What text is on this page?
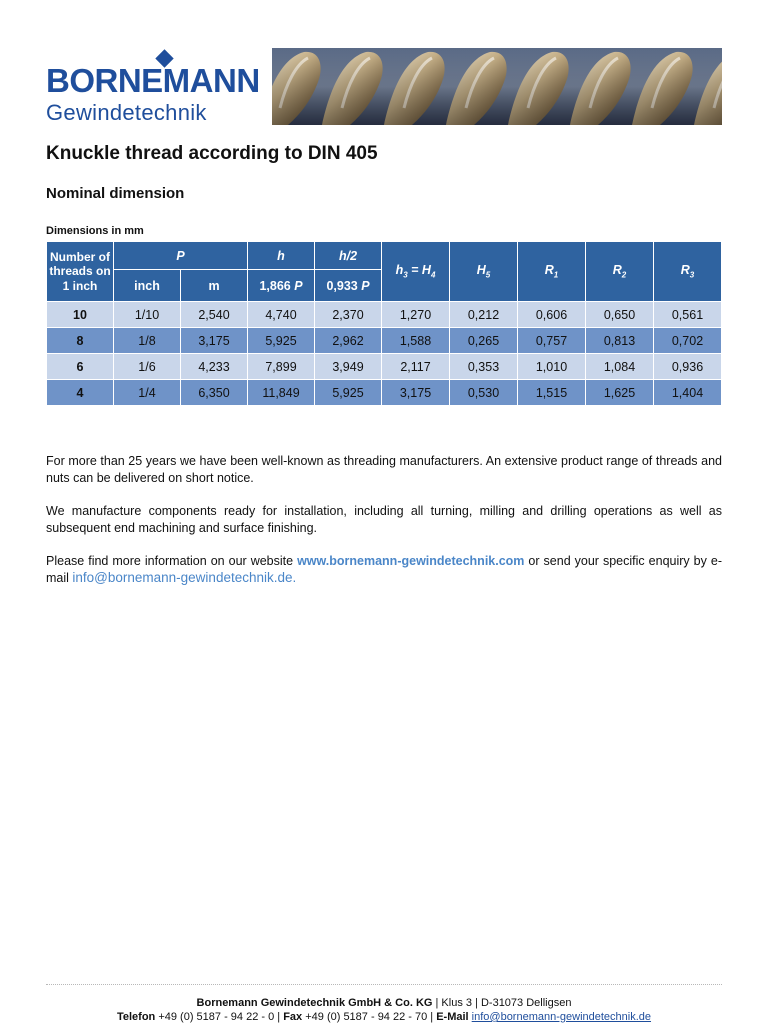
BORNEMANN
Gewindetechnik
Knuckle thread according to DIN 405
Nominal dimension
Dimensions in mm
Number of threads on 1 inch	P		h	h/2	$h_3 = H_4$	$H_5$	$R_1$	$R_2$	$R_3$
	inch	m	1,866 P	0,933 P					
10	1/10	2,540	4,740	2,370	1,270	0,212	0,606	0,650	0,561
8	1/8	3,175	5,925	2,962	1,588	0,265	0,757	0,813	0,702
6	1/6	4,233	7,899	3,949	2,117	0,353	1,010	1,084	0,936
4	1/4	6,350	11,849	5,925	3,175	0,530	1,515	1,625	1,404

For more than 25 years we have been well-known as threading manufacturers. An extensive product range of threads and nuts can be delivered on short notice.

We manufacture components ready for installation, including all turning, milling and drilling operations as well as subsequent end machining and surface finishing.

Please find more information on our website www.bornemann-gewindetechnik.com or send your specific enquiry by e-mail info@bornemann-gewindetechnik.de.

Bornemann Gewindetechnik GmbH & Co. KG | Klus 3 | D-31073 Delligsen
Telefon +49 (0) 5187 - 94 22 - 0 | Fax +49 (0) 5187 - 94 22 - 70 | E-Mail info@bornemann-gewindetechnik.de
